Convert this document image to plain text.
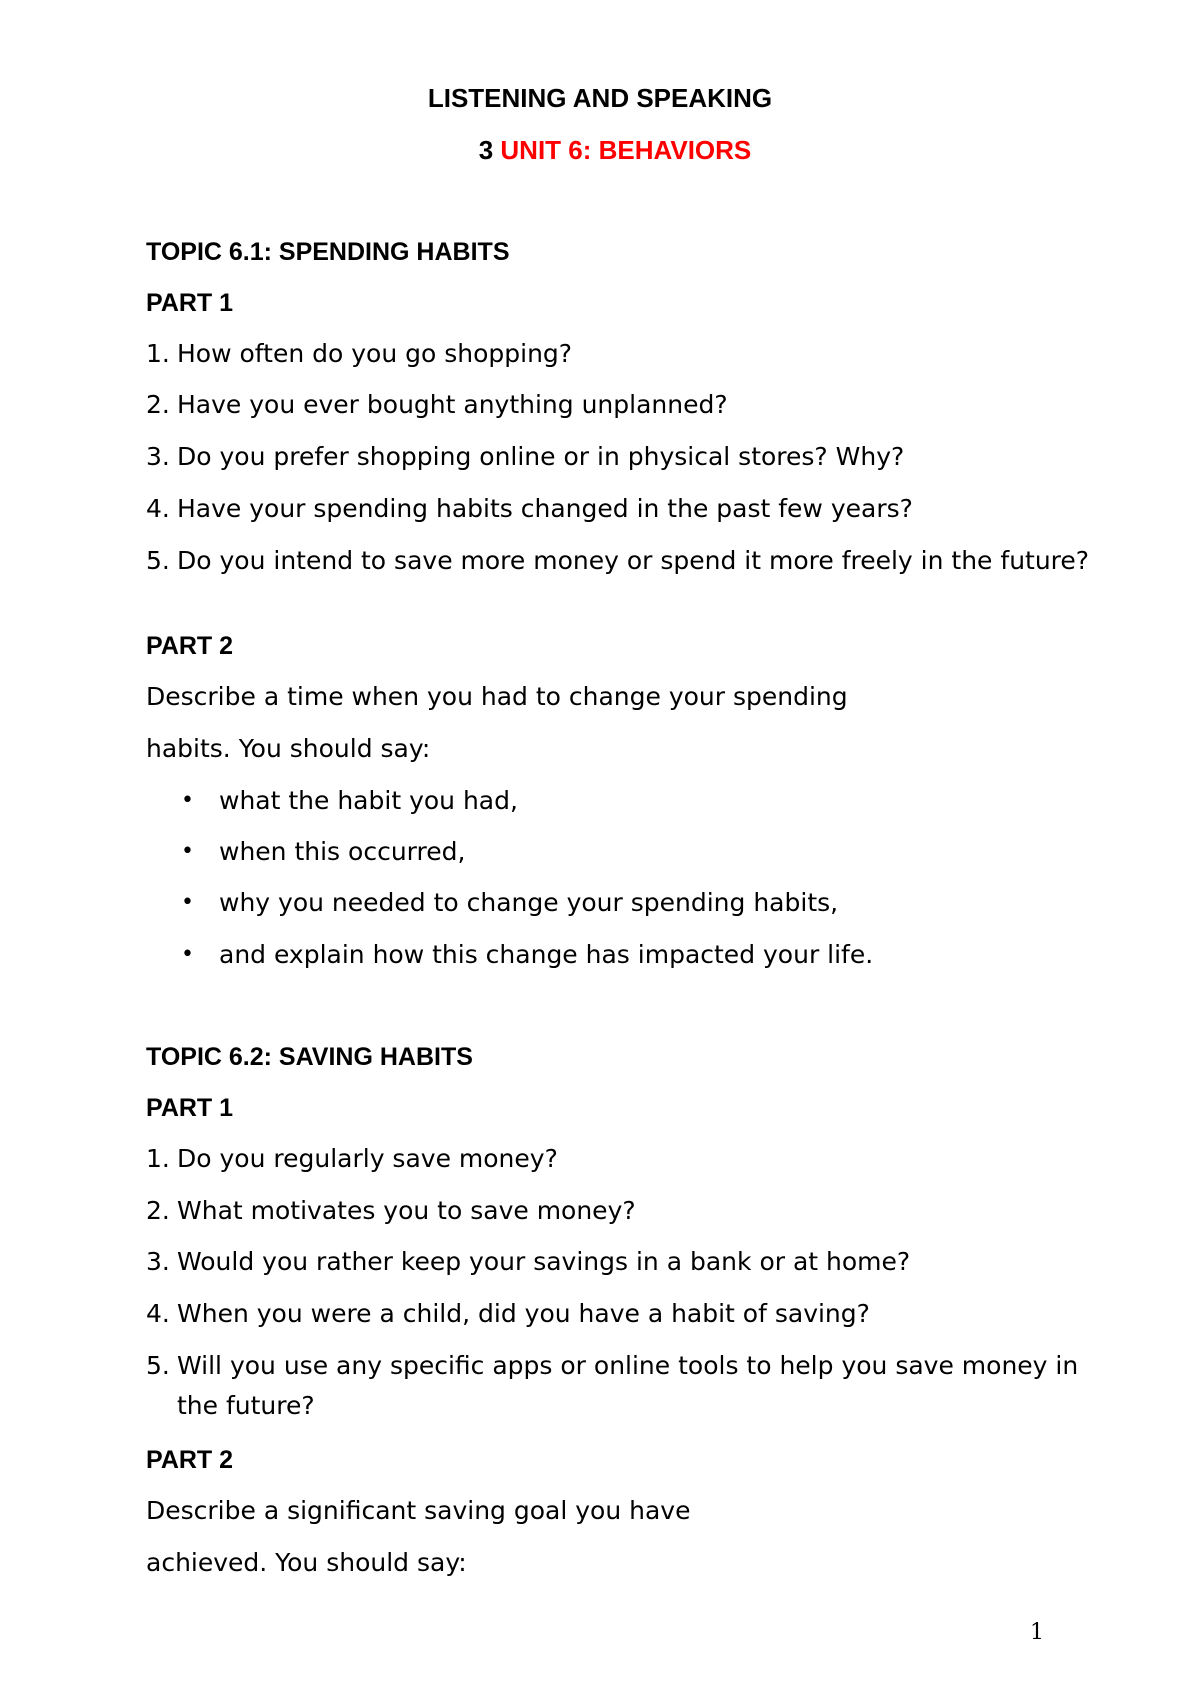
LISTENING AND SPEAKING
3 UNIT 6: BEHAVIORS
TOPIC 6.1: SPENDING HABITS
PART 1
1. How often do you go shopping?
2. Have you ever bought anything unplanned?
3. Do you prefer shopping online or in physical stores? Why?
4. Have your spending habits changed in the past few years?
5. Do you intend to save more money or spend it more freely in the future?
PART 2
Describe a time when you had to change your spending
habits. You should say:
• what the habit you had,
• when this occurred,
• why you needed to change your spending habits,
• and explain how this change has impacted your life.
TOPIC 6.2: SAVING HABITS
PART 1
1. Do you regularly save money?
2. What motivates you to save money?
3. Would you rather keep your savings in a bank or at home?
4. When you were a child, did you have a habit of saving?
5. Will you use any specific apps or online tools to help you save money in the future?
PART 2
Describe a significant saving goal you have
achieved. You should say:
1
